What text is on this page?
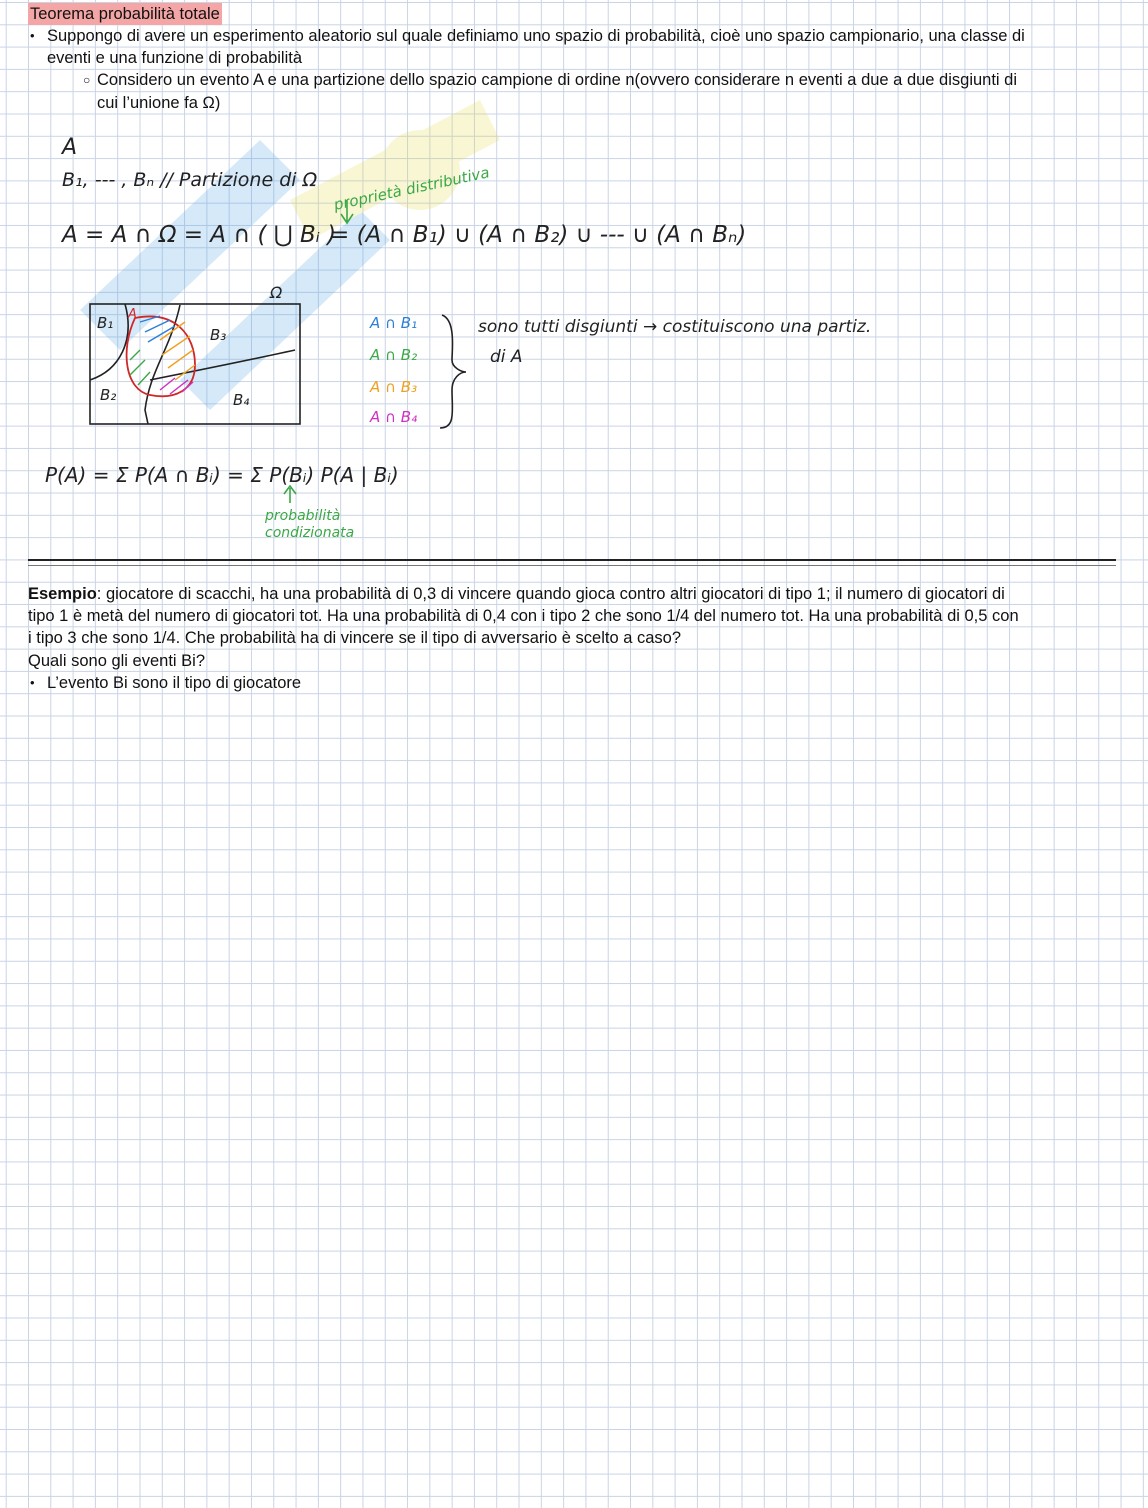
Teorema probabilità totale
• Suppongo di avere un esperimento aleatorio sul quale definiamo uno spazio di probabilità, cioè uno spazio campionario, una classe di
eventi e una funzione di probabilità
○ Considero un evento A e una partizione dello spazio campione di ordine n(ovvero considerare n eventi a due a due disgiunti di
cui l’unione fa Ω)
A
B₁, --- , Bₙ // Partizione di Ω proprietà distributiva
A = A ∩ Ω = A ∩ ( ⋃ Bᵢ )
= (A ∩ B₁) ∪ (A ∩ B₂) ∪ --- ∪ (A ∩ Bₙ)
Ω
B₁ A
B₃
B₂	B₄
A ∩ B₁
A ∩ B₂
A ∩ B₃
A ∩ B₄
sono tutti disgiunti → costituiscono una partiz.
di A
P(A) = Σ P(A ∩ Bᵢ) = Σ P(Bᵢ) P(A | Bᵢ)
probabilità
condizionata
Esempio: giocatore di scacchi, ha una probabilità di 0,3 di vincere quando gioca contro altri giocatori di tipo 1; il numero di giocatori di
tipo 1 è metà del numero di giocatori tot. Ha una probabilità di 0,4 con i tipo 2 che sono 1/4 del numero tot. Ha una probabilità di 0,5 con
i tipo 3 che sono 1/4. Che probabilità ha di vincere se il tipo di avversario è scelto a caso?
Quali sono gli eventi Bi?
• L’evento Bi sono il tipo di giocatore
